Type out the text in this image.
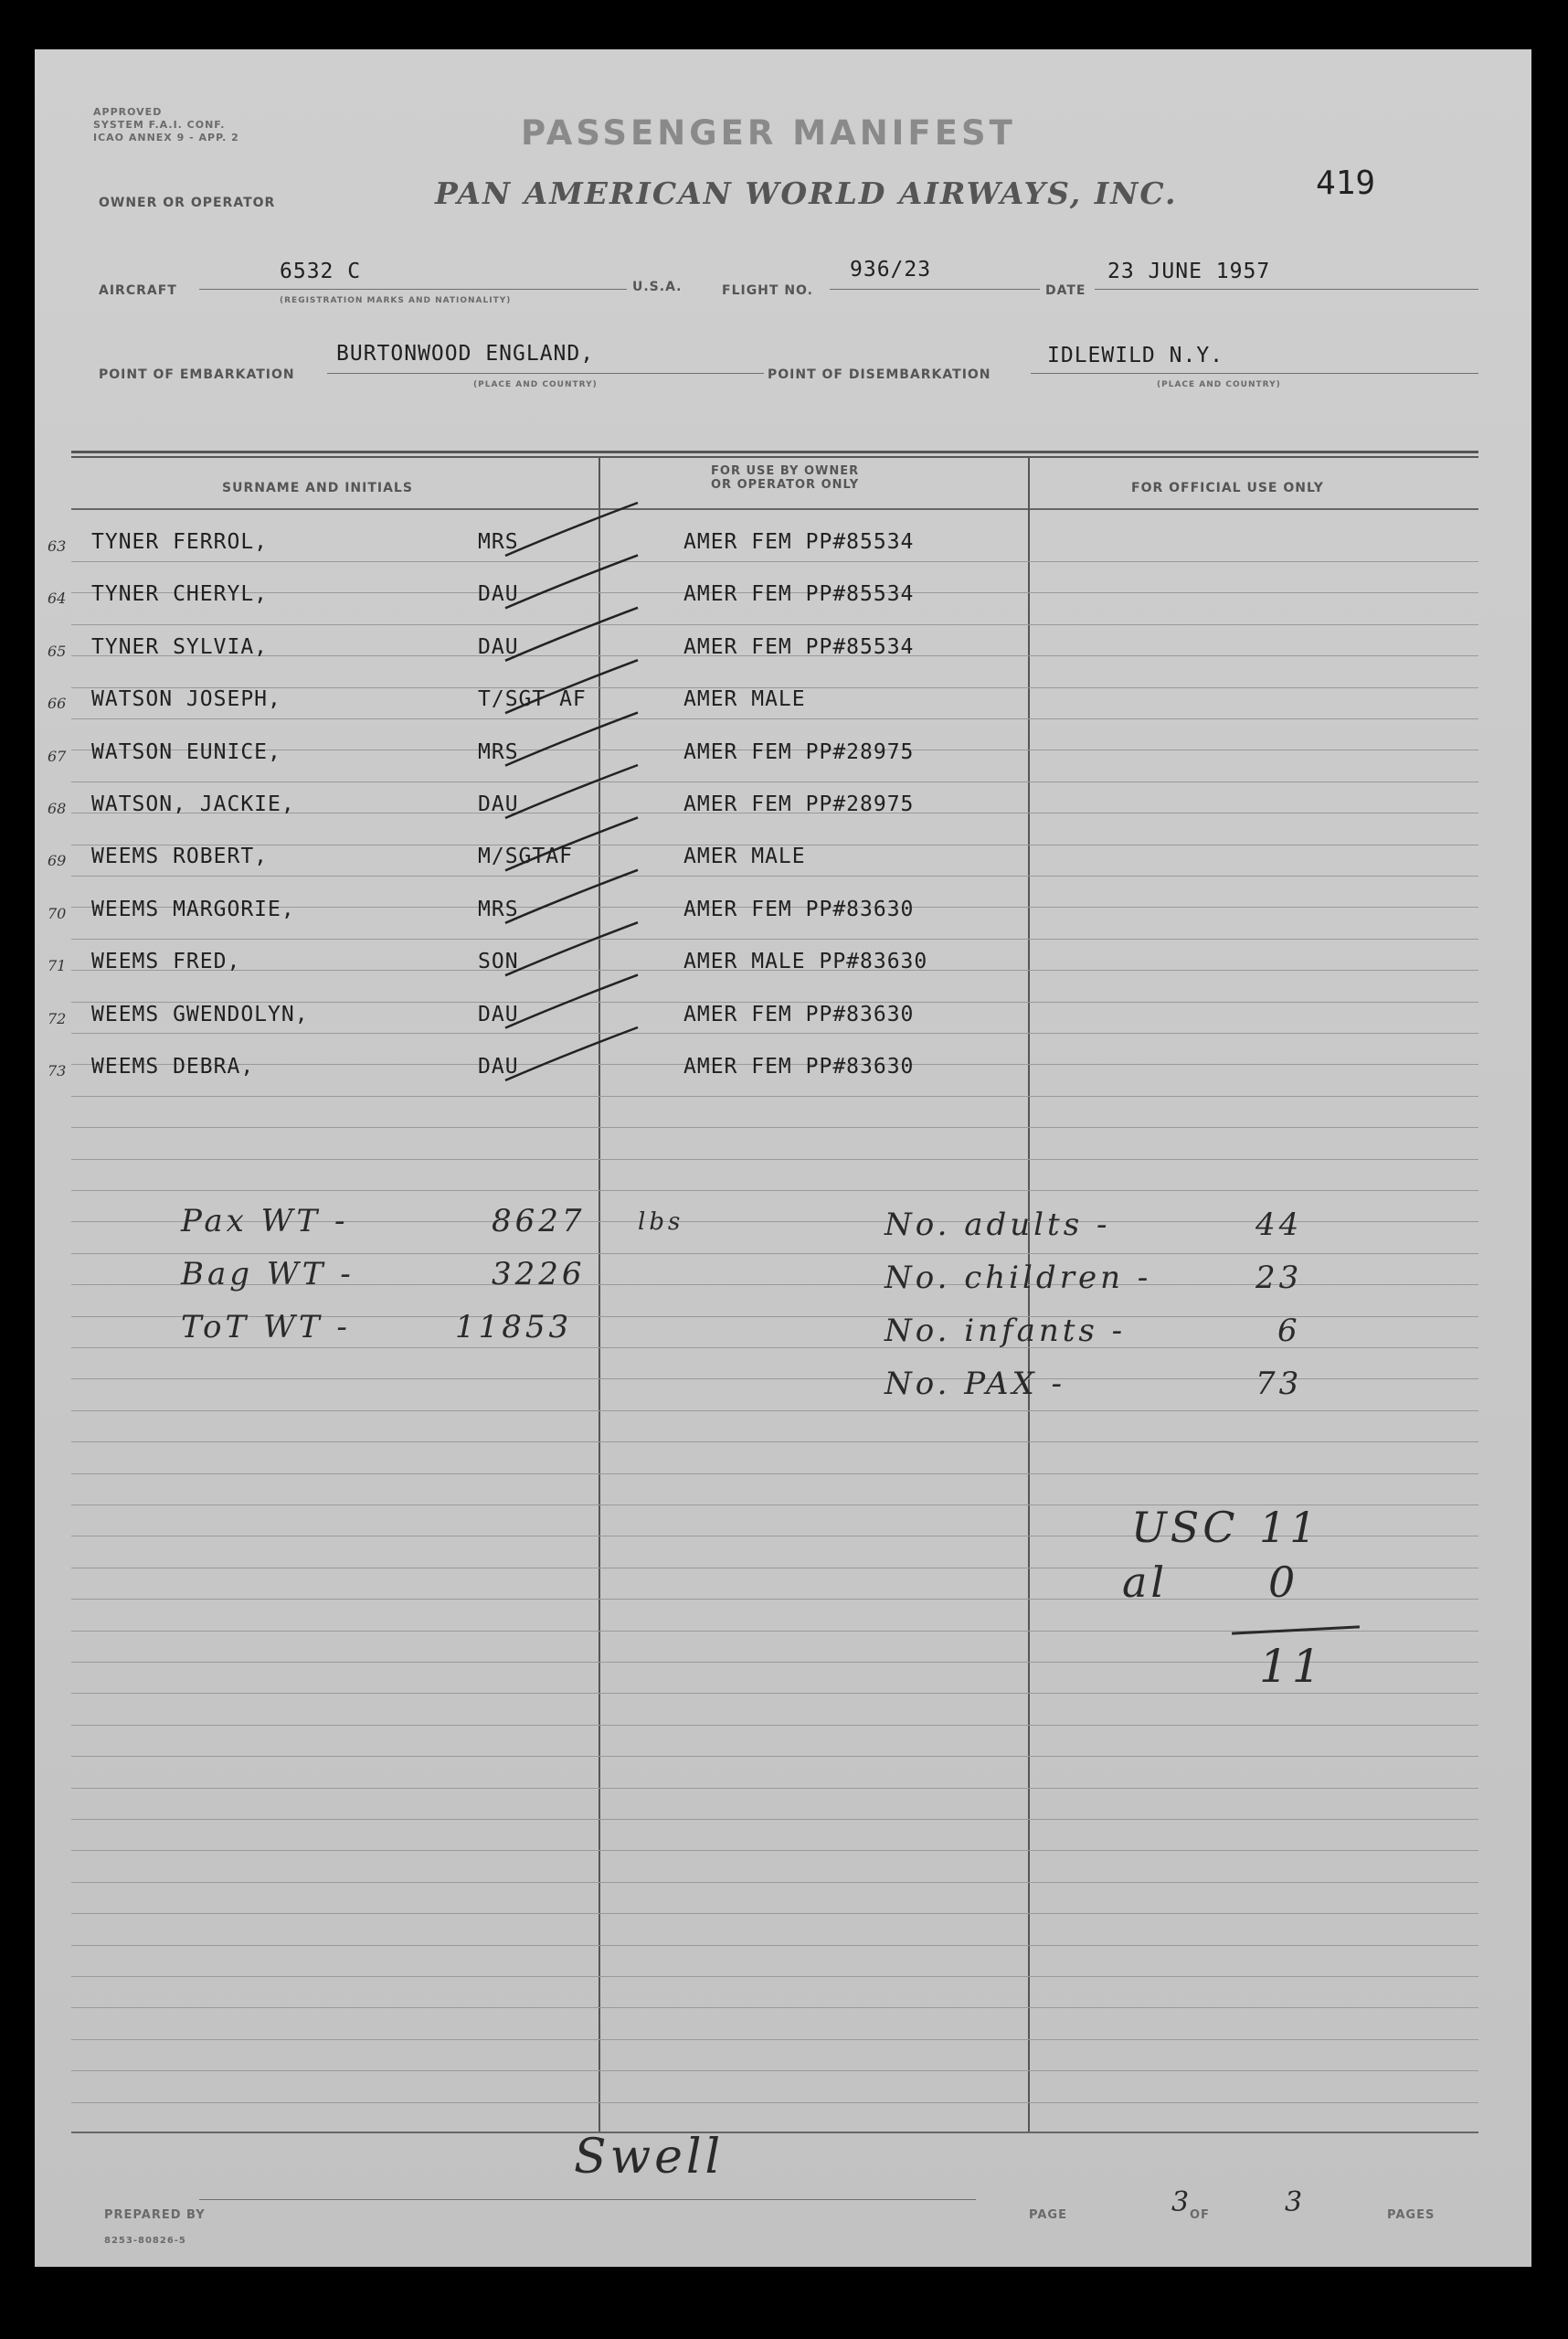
APPROVED
SYSTEM F.A.I. CONF.
ICAO ANNEX 9 - APP. 2	PASSENGER MANIFEST
419
OWNER OR OPERATOR	PAN AMERICAN WORLD AIRWAYS, INC.
AIRCRAFT
6532 C
(REGISTRATION MARKS AND NATIONALITY)
U.S.A.	FLIGHT NO.
936/23
DATE
23 JUNE 1957
POINT OF EMBARKATION
BURTONWOOD ENGLAND,
(PLACE AND COUNTRY)
POINT OF DISEMBARKATION
IDLEWILD N.Y.
(PLACE AND COUNTRY)
SURNAME AND INITIALS
FOR USE BY OWNER
OR OPERATOR ONLY	FOR OFFICIAL USE ONLY
63 TYNER FERROL,	MRS	AMER FEM PP#85534
64 TYNER CHERYL,	DAU	AMER FEM PP#85534
65 TYNER SYLVIA,	DAU	AMER FEM PP#85534
66 WATSON JOSEPH,	T/SGT AF	AMER MALE
67 WATSON EUNICE,	MRS	AMER FEM PP#28975
68 WATSON, JACKIE,	DAU	AMER FEM PP#28975
69 WEEMS ROBERT,	M/SGTAF	AMER MALE
70 WEEMS MARGORIE,	MRS	AMER FEM PP#83630
71 WEEMS FRED,	SON	AMER MALE PP#83630
72 WEEMS GWENDOLYN,	DAU	AMER FEM PP#83630
73 WEEMS DEBRA,	DAU	AMER FEM PP#83630
Pax WT -	8627 lbs
Bag WT -	3226
ToT WT -	11853
No. adults -	44
No. children -	23
No. infants -	6
No. PAX -	73
USC 11
al 0
11
Swell
PREPARED BY	PAGE	3
OF	3	PAGES
8253-80826-5
